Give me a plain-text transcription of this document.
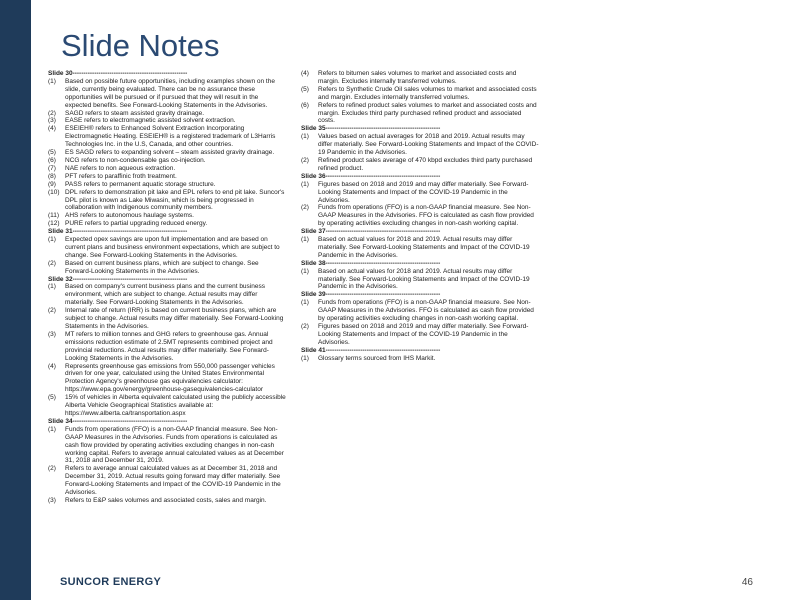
Slide Notes
Slide 30-----------------------------------------------------
(1) Based on possible future opportunities, including examples shown on the slide, currently being evaluated. There can be no assurance these opportunities will be pursued or if pursued that they will result in the expected benefits. See Forward-Looking Statements in the Advisories.
(2) SAGD refers to steam assisted gravity drainage.
(3) EASE refers to electromagnetic assisted solvent extraction.
(4) ESEIEH® refers to Enhanced Solvent Extraction Incorporating Electromagnetic Heating. ESEIEH® is a registered trademark of L3Harris Technologies Inc. in the U.S, Canada, and other countries.
(5) ES SAGD refers to expanding solvent – steam assisted gravity drainage.
(6) NCG refers to non-condensable gas co-injection.
(7) NAE refers to non aqueous extraction.
(8) PFT refers to paraffinic froth treatment.
(9) PASS refers to permanent aquatic storage structure.
(10) DPL refers to demonstration pit lake and EPL refers to end pit lake. Suncor's DPL pilot is known as Lake Miwasin, which is being progressed in collaboration with Indigenous community members.
(11) AHS refers to autonomous haulage systems.
(12) PURE refers to partial upgrading reduced energy.
Slide 31-----------------------------------------------------
(1) Expected opex savings are upon full implementation and are based on current plans and business environment expectations, which are subject to change. See Forward-Looking Statements in the Advisories.
(2) Based on current business plans, which are subject to change. See Forward-Looking Statements in the Advisories.
Slide 32-----------------------------------------------------
(1) Based on company's current business plans and the current business environment, which are subject to change. Actual results may differ materially. See Forward-Looking Statements in the Advisories.
(2) Internal rate of return (IRR) is based on current business plans, which are subject to change. Actual results may differ materially. See Forward-Looking Statements in the Advisories.
(3) MT refers to million tonnes and GHG refers to greenhouse gas. Annual emissions reduction estimate of 2.5MT represents combined project and provincial reductions. Actual results may differ materially. See Forward-Looking Statements in the Advisories.
(4) Represents greenhouse gas emissions from 550,000 passenger vehicles driven for one year, calculated using the United States Environmental Protection Agency's greenhouse gas equivalencies calculator: https://www.epa.gov/energy/greenhouse-gasequivalencies-calculator
(5) 15% of vehicles in Alberta equivalent calculated using the publicly accessible Alberta Vehicle Geographical Statistics available at: https://www.alberta.ca/transportation.aspx
Slide 34-----------------------------------------------------
(1) Funds from operations (FFO) is a non-GAAP financial measure. See Non-GAAP Measures in the Advisories. Funds from operations is calculated as cash flow provided by operating activities excluding changes in non-cash working capital. Refers to average annual calculated values as at December 31, 2018 and December 31, 2019.
(2) Refers to average annual calculated values as at December 31, 2018 and December 31, 2019. Actual results going forward may differ materially. See Forward-Looking Statements and Impact of the COVID-19 Pandemic in the Advisories.
(3) Refers to E&P sales volumes and associated costs, sales and margin.
(4) Refers to bitumen sales volumes to market and associated costs and margin. Excludes internally transferred volumes.
(5) Refers to Synthetic Crude Oil sales volumes to market and associated costs and margin. Excludes internally transferred volumes.
(6) Refers to refined product sales volumes to market and associated costs and margin. Excludes third party purchased refined product and associated costs.
Slide 35-----------------------------------------------------
(1) Values based on actual averages for 2018 and 2019. Actual results may differ materially. See Forward-Looking Statements and Impact of the COVID-19 Pandemic in the Advisories.
(2) Refined product sales average of 470 kbpd excludes third party purchased refined product.
Slide 36-----------------------------------------------------
(1) Figures based on 2018 and 2019 and may differ materially. See Forward-Looking Statements and Impact of the COVID-19 Pandemic in the Advisories.
(2) Funds from operations (FFO) is a non-GAAP financial measure. See Non-GAAP Measures in the Advisories. FFO is calculated as cash flow provided by operating activities excluding changes in non-cash working capital.
Slide 37-----------------------------------------------------
(1) Based on actual values for 2018 and 2019. Actual results may differ materially. See Forward-Looking Statements and Impact of the COVID-19 Pandemic in the Advisories.
Slide 38-----------------------------------------------------
(1) Based on actual values for 2018 and 2019. Actual results may differ materially. See Forward-Looking Statements and Impact of the COVID-19 Pandemic in the Advisories.
Slide 39-----------------------------------------------------
(1) Funds from operations (FFO) is a non-GAAP financial measure. See Non-GAAP Measures in the Advisories. FFO is calculated as cash flow provided by operating activities excluding changes in non-cash working capital.
(2) Figures based on 2018 and 2019 and may differ materially. See Forward-Looking Statements and Impact of the COVID-19 Pandemic in the Advisories.
Slide 41-----------------------------------------------------
(1) Glossary terms sourced from IHS Markit.
SUNCOR ENERGY	46
